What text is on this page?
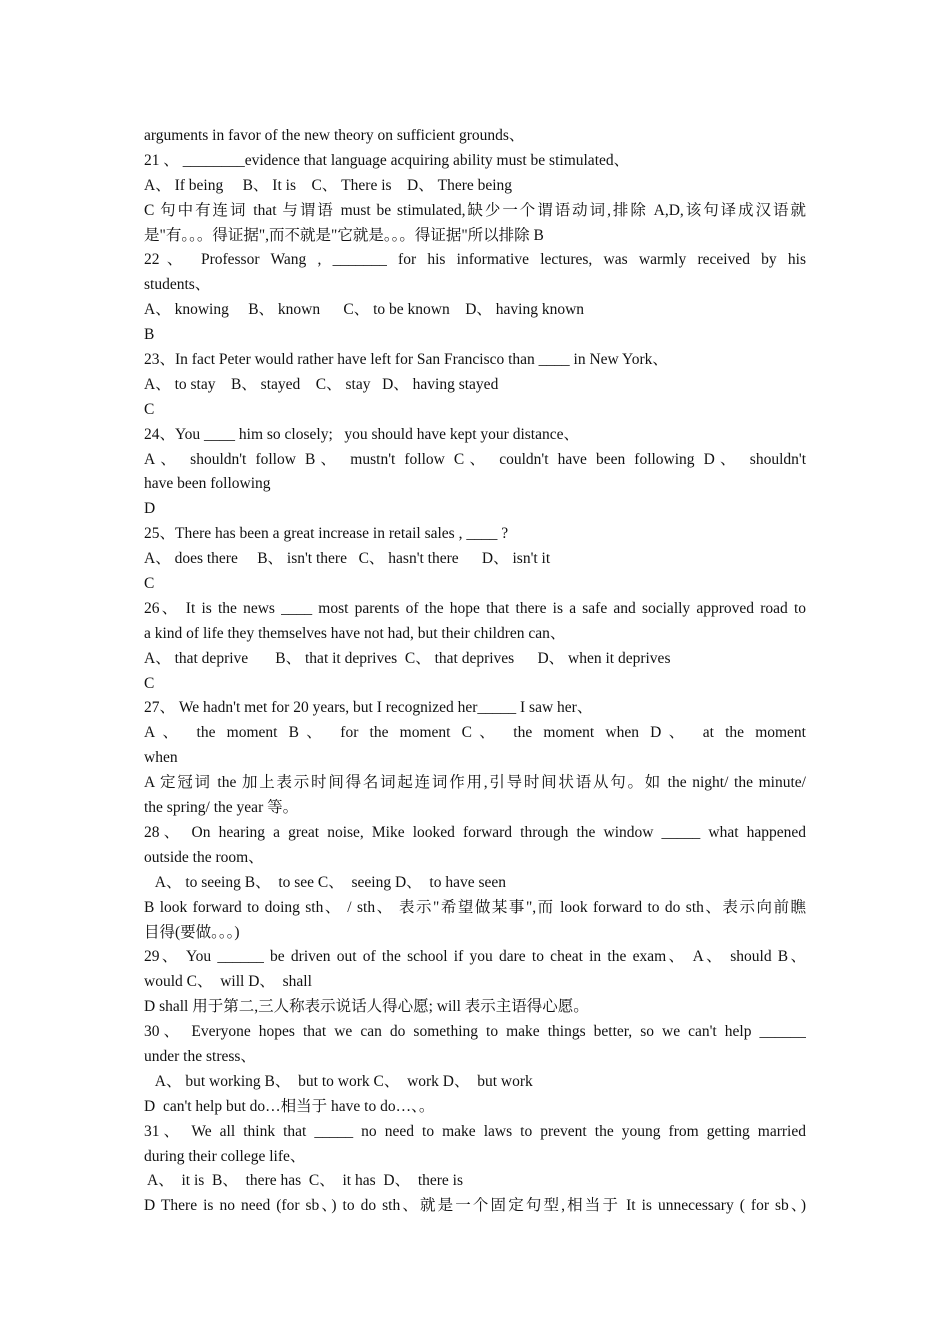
arguments in favor of the new theory on sufficient grounds、
21 、 ________evidence that language acquiring ability must be stimulated、
A、 If being     B、 It is    C、 There is    D、 There being
C 句中有连词 that 与谓语 must be stimulated,缺少一个谓语动词,排除 A,D,该句译成汉语就
是"有。。。得证据",而不就是"它就是。。。得证据"所以排除 B
22、 Professor Wang , _______ for his informative lectures, was warmly received by his
students、
A、 knowing     B、 known      C、 to be known    D、 having known
B
23、In fact Peter would rather have left for San Francisco than ____ in New York、
A、 to stay    B、 stayed    C、 stay   D、 having stayed
C
24、You ____ him so closely;   you should have kept your distance、
A、 shouldn't follow B、 mustn't follow C、 couldn't have been following D、 shouldn't
have been following
D
25、There has been a great increase in retail sales , ____ ?
A、 does there     B、 isn't there   C、 hasn't there      D、 isn't it
C
26、 It is the news ____ most parents of the hope that there is a safe and socially approved road to
a kind of life they themselves have not had, but their children can、
A、 that deprive       B、 that it deprives  C、 that deprives      D、 when it deprives
C
27、 We hadn't met for 20 years, but I recognized her_____ I saw her、
A、 the moment B、 for the moment C、 the moment when D、 at the moment
when
A 定冠词 the 加上表示时间得名词起连词作用,引导时间状语从句。如 the night/ the minute/
the spring/ the year 等。
28、 On hearing a great noise, Mike looked forward through the window _____ what happened
outside the room、
A、 to seeing B、  to see C、  seeing D、  to have seen
B look forward to doing sth、 / sth、 表示"希望做某事",而 look forward to do sth、表示向前瞧
目得(要做。。。)
29、 You ______ be driven out of the school if you dare to cheat in the exam、 A、 should B、
would C、  will D、  shall
D shall 用于第二,三人称表示说话人得心愿; will 表示主语得心愿。
30、 Everyone hopes that we can do something to make things better, so we can't help ______
under the stress、
A、 but working B、  but to work C、  work D、  but work
D  can't help but do…相当于 have to do…、。
31、 We all think that _____ no need to make laws to prevent the young from getting married
during their college life、
A、  it is  B、  there has  C、  it has  D、  there is
D There is no need (for sb、) to do sth、就是一个固定句型,相当于 It is unnecessary ( for sb、)
